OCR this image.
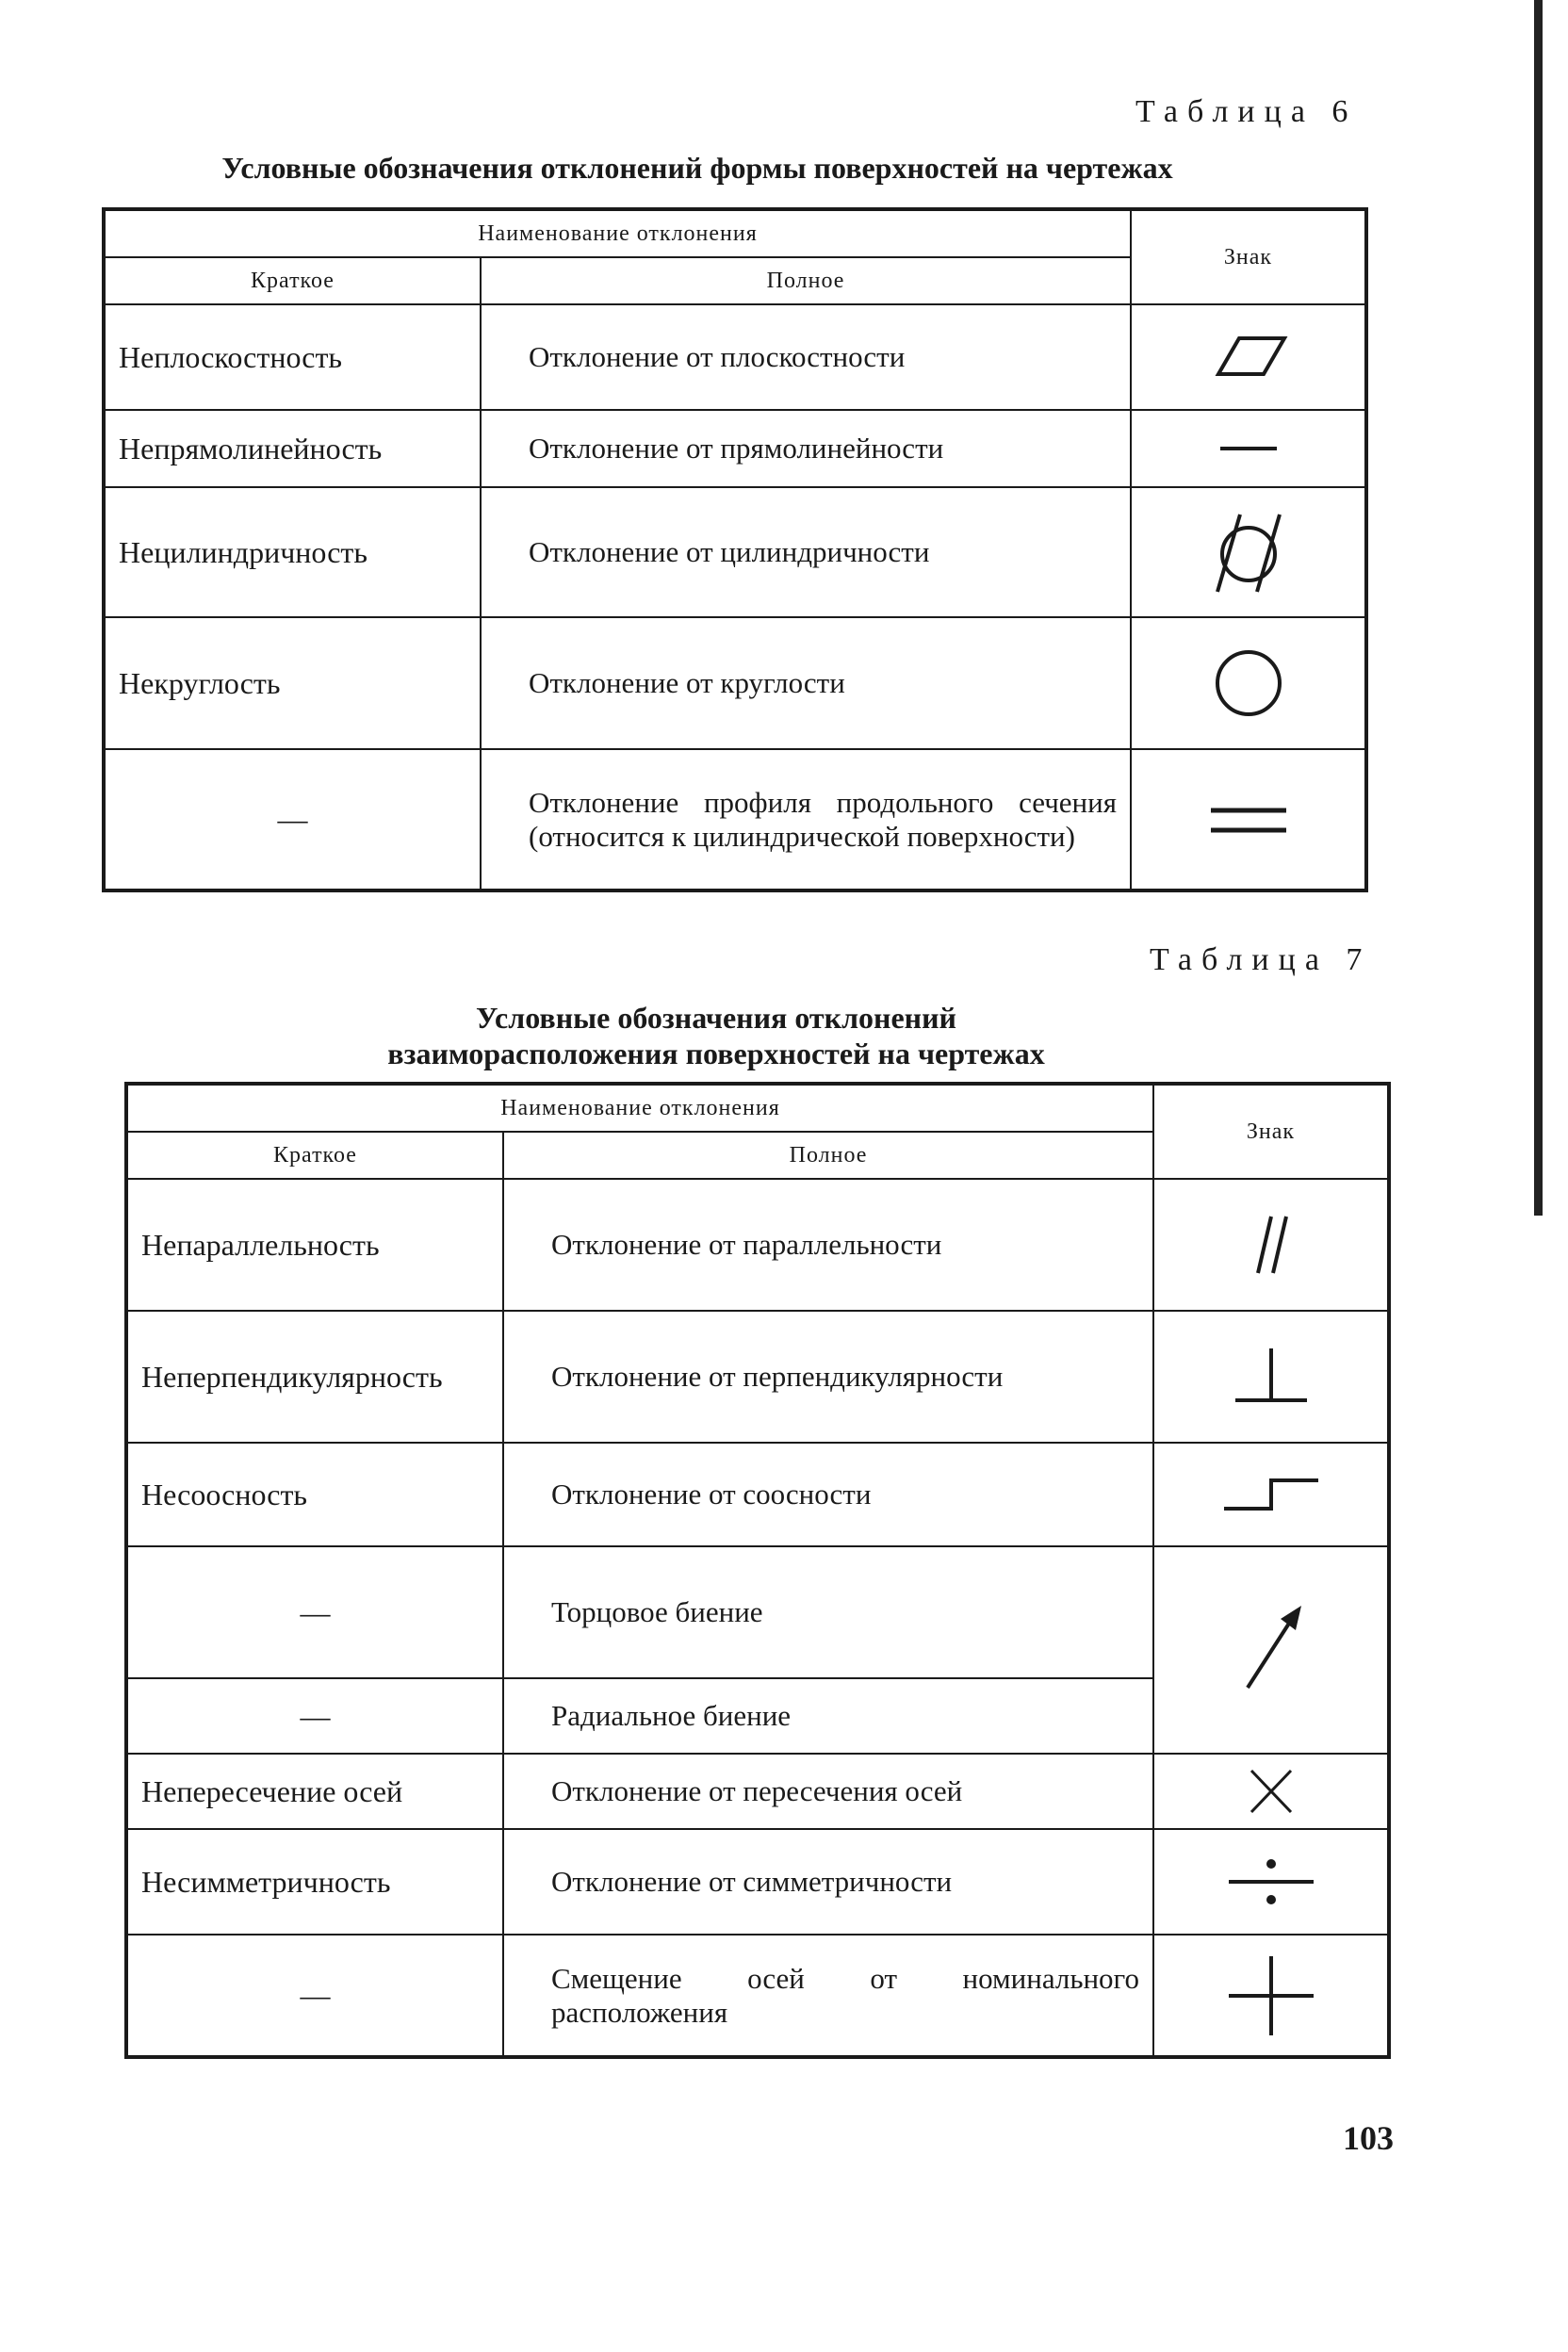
Таблица 6
Условные обозначения отклонений формы поверхностей на чертежах
Наименование отклонения		Знак
Краткое	Полное	
Неплоскостность	Отклонение от плоскостности	

Непрямолинейность	Отклонение от прямолинейности	

Нецилиндричность	Отклонение от цилиндричности	

Некруглость	Отклонение от круглости	

—	Отклонение профиля продольного сечения (относится к цилиндрической поверхности)	
Таблица 7
Условные обозначения отклонений
взаиморасположения поверхностей на чертежах
Наименование отклонения		Знак
Краткое	Полное	
Непараллельность	Отклонение от параллельности	

Неперпендикулярность	Отклонение от перпендикулярности	

Несоосность	Отклонение от соосности	

—	Торцовое биение	

—	Радиальное биение	
Непересечение осей	Отклонение от пересечения осей	

Несимметричность	Отклонение от симметричности	

—	Смещение осей от номинального расположения	
103
